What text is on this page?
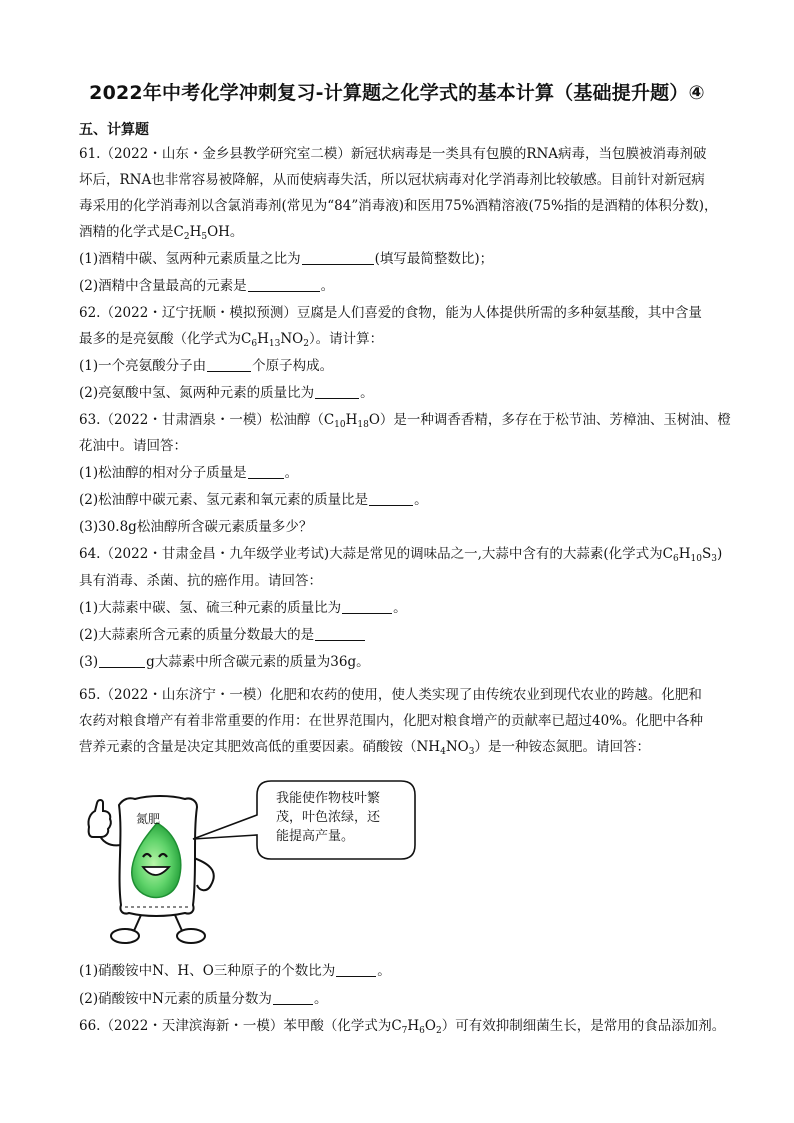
2022年中考化学冲刺复习-计算题之化学式的基本计算（基础提升题）④
五、计算题
61.（2022・山东・金乡县教学研究室二模）新冠状病毒是一类具有包膜的RNA病毒，当包膜被消毒剂破
坏后，RNA也非常容易被降解，从而使病毒失活，所以冠状病毒对化学消毒剂比较敏感。目前针对新冠病
毒采用的化学消毒剂以含氯消毒剂(常见为“84”消毒液)和医用75%酒精溶液(75%指的是酒精的体积分数)，
酒精的化学式是$C_2H_5OH$。
(1)酒精中碳、氢两种元素质量之比为	(填写最简整数比)；
(2)酒精中含量最高的元素是	。
62.（2022・辽宁抚顺・模拟预测）豆腐是人们喜爱的食物，能为人体提供所需的多种氨基酸，其中含量
最多的是亮氨酸（化学式为$C_6H_{13}NO_2$）。请计算：
(1)一个亮氨酸分子由	个原子构成。
(2)亮氨酸中氢、氮两种元素的质量比为	。
63.（2022・甘肃酒泉・一模）松油醇$(C_{10}H_{18}O)$是一种调香香精，多存在于松节油、芳樟油、玉树油、橙
花油中。请回答：
(1)松油醇的相对分子质量是	。
(2)松油醇中碳元素、氢元素和氧元素的质量比是	。
(3)30.8g松油醇所含碳元素质量多少？
64.（2022・甘肃金昌・九年级学业考试)大蒜是常见的调味品之一,大蒜中含有的大蒜素(化学式为$C_6H_{10}S_3$)
具有消毒、杀菌、抗的癌作用。请回答：
(1)大蒜素中碳、氢、硫三种元素的质量比为	。
(2)大蒜素所含元素的质量分数最大的是
(3)	g大蒜素中所含碳元素的质量为36g。
65.（2022・山东济宁・一模）化肥和农药的使用，使人类实现了由传统农业到现代农业的跨越。化肥和
农药对粮食增产有着非常重要的作用：在世界范围内，化肥对粮食增产的贡献率已超过40%。化肥中各种
营养元素的含量是决定其肥效高低的重要因素。硝酸铵$(NH_4NO_3)$是一种铵态氮肥。请回答：
氮肥
我能使作物枝叶繁
茂，叶色浓绿，还
能提高产量。
(1)硝酸铵中N、H、O三种原子的个数比为	。
(2)硝酸铵中N元素的质量分数为	。
66.（2022・天津滨海新・一模）苯甲酸（化学式为$C_7H_6O_2$）可有效抑制细菌生长，是常用的食品添加剂。
